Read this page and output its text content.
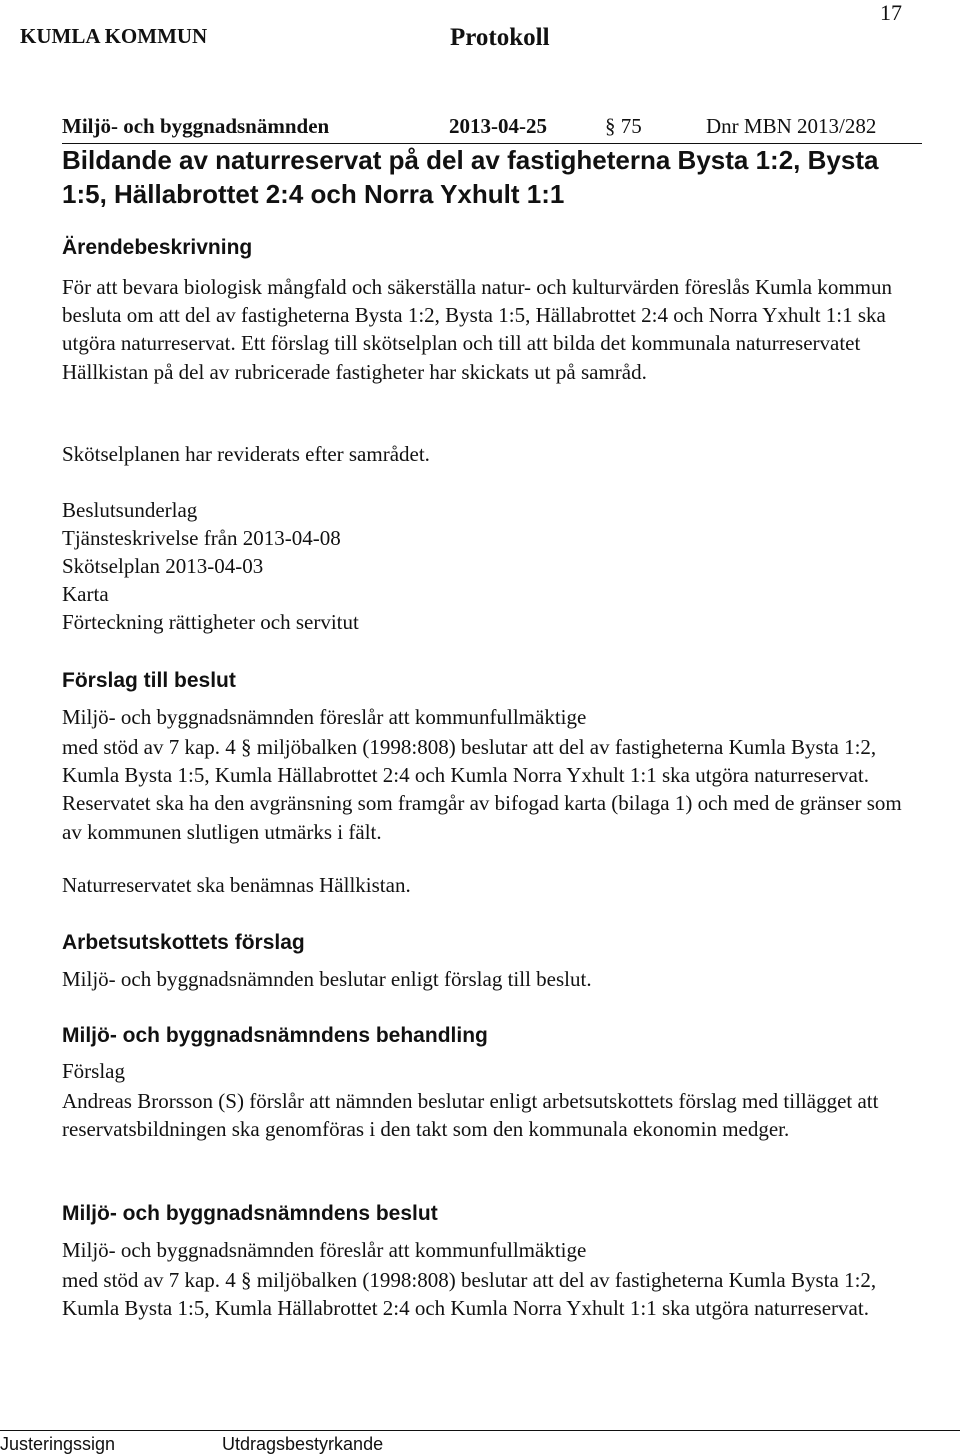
KUMLA KOMMUN	Protokoll
17
Miljö- och byggnadsnämnden	2013-04-25	§ 75	Dnr MBN 2013/282
Bildande av naturreservat på del av fastigheterna Bysta 1:2, Bysta 1:5, Hällabrottet 2:4 och Norra Yxhult 1:1
Ärendebeskrivning
För att bevara biologisk mångfald och säkerställa natur- och kulturvärden föreslås Kumla kommun besluta om att del av fastigheterna Bysta 1:2, Bysta 1:5, Hällabrottet 2:4 och Norra Yxhult 1:1 ska utgöra naturreservat. Ett förslag till skötselplan och till att bilda det kommunala naturreservatet Hällkistan på del av rubricerade fastigheter har skickats ut på samråd.
Skötselplanen har reviderats efter samrådet.
Beslutsunderlag
Tjänsteskrivelse från 2013-04-08
Skötselplan 2013-04-03
Karta
Förteckning rättigheter och servitut
Förslag till beslut
Miljö- och byggnadsnämnden föreslår att kommunfullmäktige
med stöd av 7 kap. 4 § miljöbalken (1998:808) beslutar att del av fastigheterna Kumla Bysta 1:2, Kumla Bysta 1:5, Kumla Hällabrottet 2:4 och Kumla Norra Yxhult 1:1 ska utgöra naturreservat. Reservatet ska ha den avgränsning som framgår av bifogad karta (bilaga 1) och med de gränser som av kommunen slutligen utmärks i fält.
Naturreservatet ska benämnas Hällkistan.
Arbetsutskottets förslag
Miljö- och byggnadsnämnden beslutar enligt förslag till beslut.
Miljö- och byggnadsnämndens behandling
Förslag
Andreas Brorsson (S) förslår att nämnden beslutar enligt arbetsutskottets förslag med tillägget att reservatsbildningen ska genomföras i den takt som den kommunala ekonomin medger.
Miljö- och byggnadsnämndens beslut
Miljö- och byggnadsnämnden föreslår att kommunfullmäktige
med stöd av 7 kap. 4 § miljöbalken (1998:808) beslutar att del av fastigheterna Kumla Bysta 1:2, Kumla Bysta 1:5, Kumla Hällabrottet 2:4 och Kumla Norra Yxhult 1:1 ska utgöra naturreservat.
Justeringssign	Utdragsbestyrkande
